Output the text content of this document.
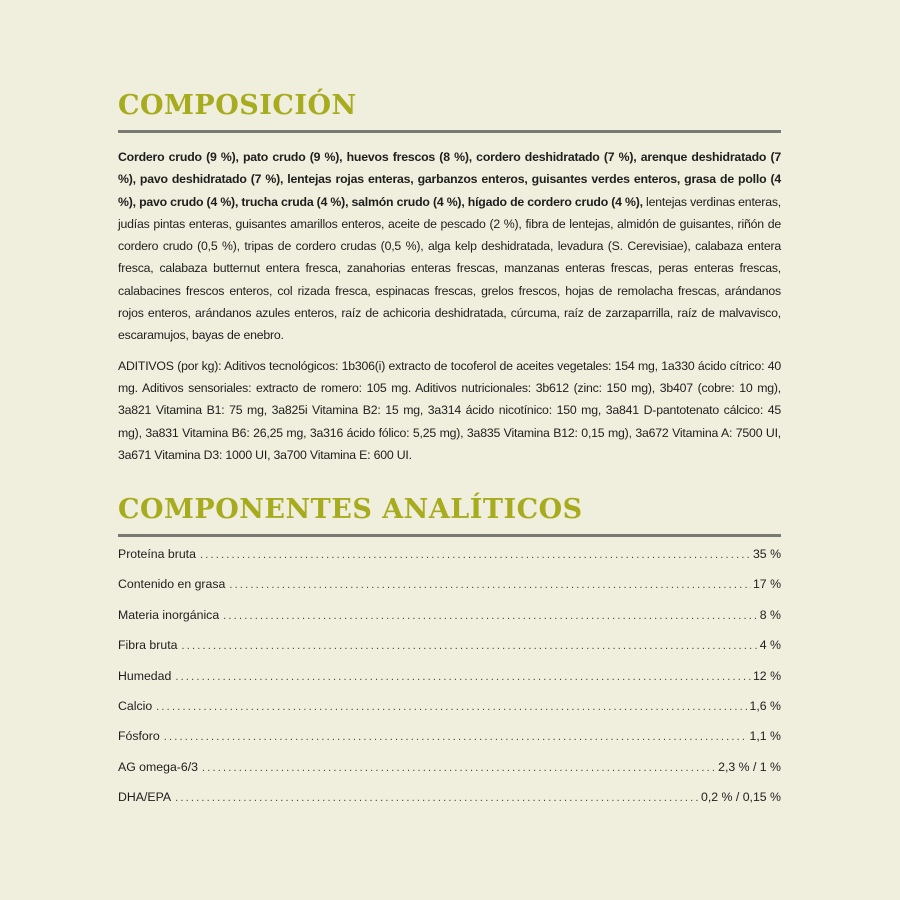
COMPOSICIÓN

Cordero crudo (9 %), pato crudo (9 %), huevos frescos (8 %), cordero deshidratado (7 %), arenque deshidratado (7 %), pavo deshidratado (7 %), lentejas rojas enteras, garbanzos enteros, guisantes verdes enteros, grasa de pollo (4 %), pavo crudo (4 %), trucha cruda (4 %), salmón crudo (4 %), hígado de cordero crudo (4 %), lentejas verdinas enteras, judías pintas enteras, guisantes amarillos enteros, aceite de pescado (2 %), fibra de lentejas, almidón de guisantes, riñón de cordero crudo (0,5 %), tripas de cordero crudas (0,5 %), alga kelp deshidratada, levadura (S. Cerevisiae), calabaza entera fresca, calabaza butternut entera fresca, zanahorias enteras frescas, manzanas enteras frescas, peras enteras frescas, calabacines frescos enteros, col rizada fresca, espinacas frescas, grelos frescos, hojas de remolacha frescas, arándanos rojos enteros, arándanos azules enteros, raíz de achicoria deshidratada, cúrcuma, raíz de zarzaparrilla, raíz de malvavisco, escaramujos, bayas de enebro.

ADITIVOS (por kg): Aditivos tecnológicos: 1b306(i) extracto de tocoferol de aceites vegetales: 154 mg, 1a330 ácido cítrico: 40 mg. Aditivos sensoriales: extracto de romero: 105 mg. Aditivos nutricionales: 3b612 (zinc: 150 mg), 3b407 (cobre: 10 mg), 3a821 Vitamina B1: 75 mg, 3a825i Vitamina B2: 15 mg, 3a314 ácido nicotínico: 150 mg, 3a841 D-pantotenato cálcico: 45 mg), 3a831 Vitamina B6: 26,25 mg, 3a316 ácido fólico: 5,25 mg), 3a835 Vitamina B12: 0,15 mg), 3a672 Vitamina A: 7500 UI, 3a671 Vitamina D3: 1000 UI, 3a700 Vitamina E: 600 UI.

COMPONENTES ANALÍTICOS
Proteína bruta .....	35 %
Contenido en grasa .....	17 %
Materia inorgánica .....	8 %
Fibra bruta .....	4 %
Humedad .....	12 %
Calcio .....	1,6 %
Fósforo .....	1,1 %
AG omega-6/3 .....	2,3 % / 1 %
DHA/EPA .....	0,2 % / 0,15 %
